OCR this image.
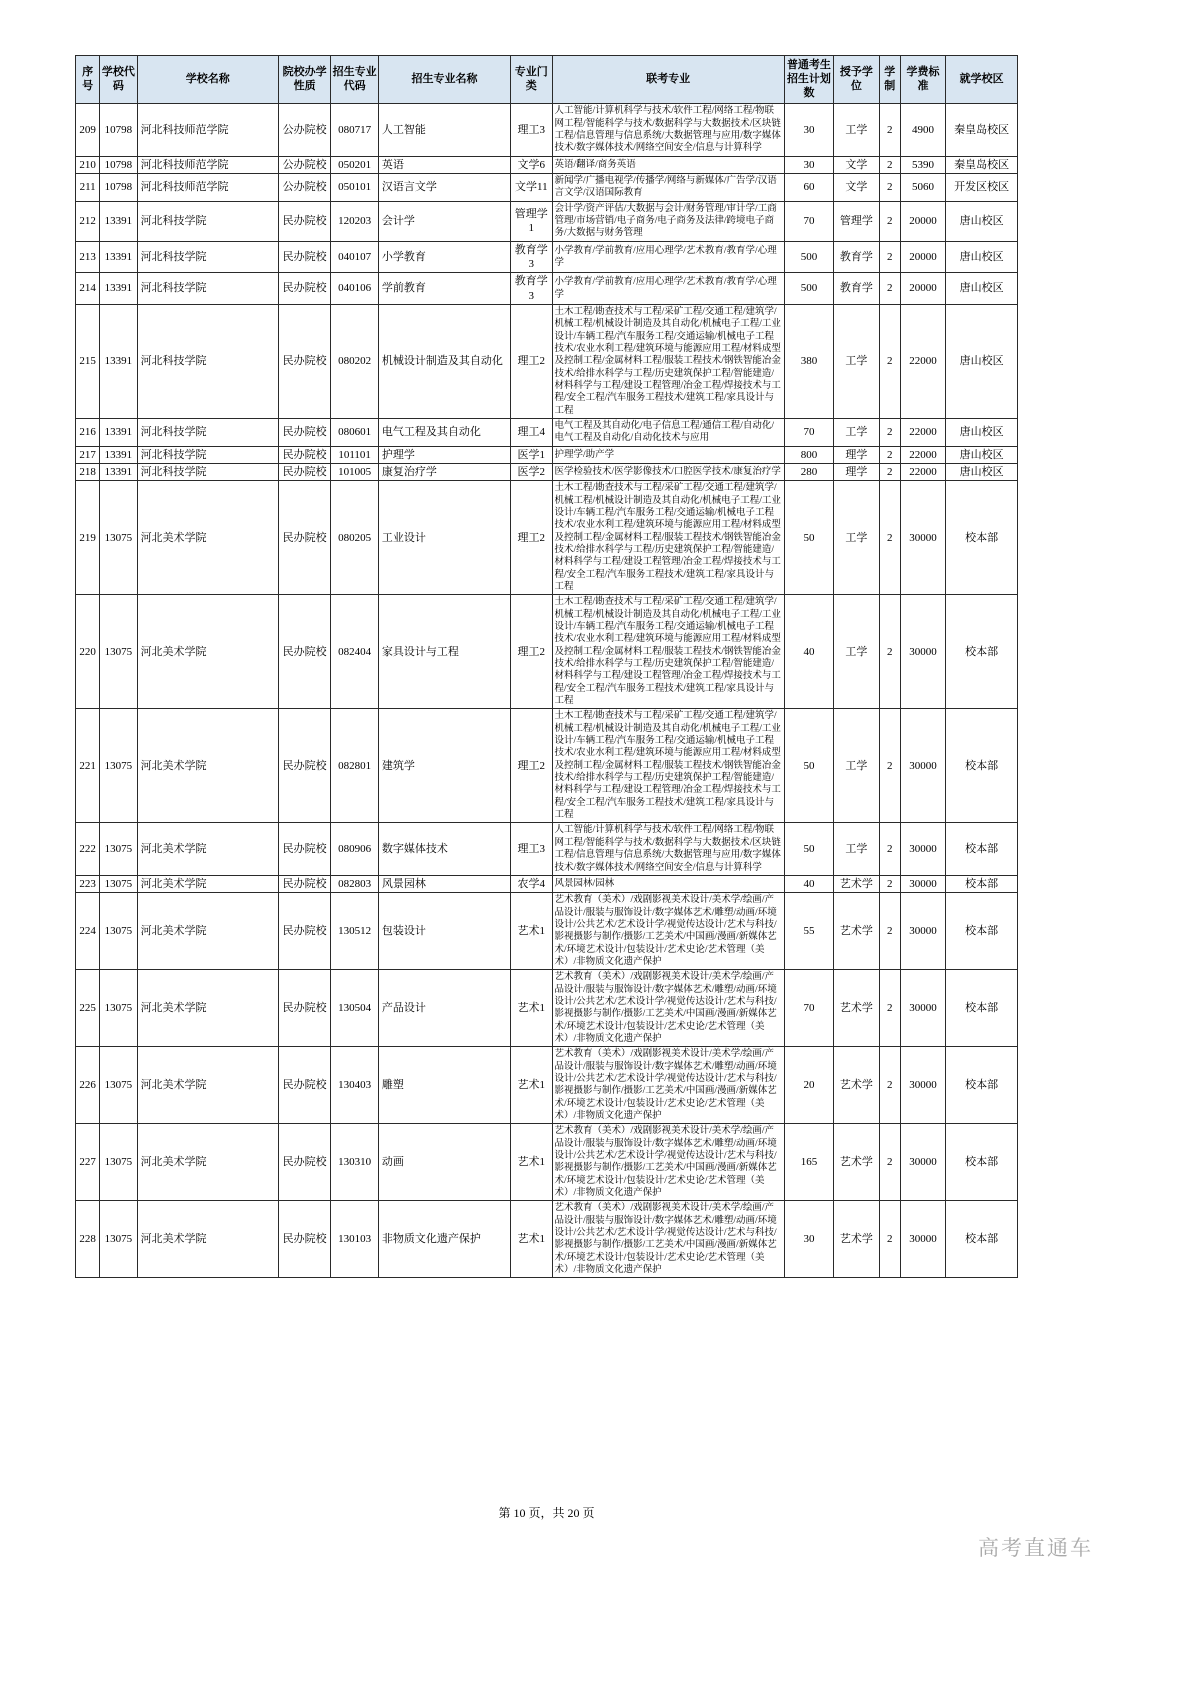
序号	学校代码	学校名称	院校办学性质	招生专业代码	招生专业名称	专业门类	联考专业	普通考生招生计划数	授予学位	学制	学费标准	就学校区
209	10798	河北科技师范学院	公办院校	080717	人工智能	理工3	人工智能/计算机科学与技术/软件工程/网络工程/物联网工程/智能科学与技术/数据科学与大数据技术/区块链工程/信息管理与信息系统/大数据管理与应用/数字媒体技术/数字媒体技术/网络空间安全/信息与计算科学	30	工学	2	4900	秦皇岛校区
210	10798	河北科技师范学院	公办院校	050201	英语	文学6	英语/翻译/商务英语	30	文学	2	5390	秦皇岛校区
211	10798	河北科技师范学院	公办院校	050101	汉语言文学	文学11	新闻学/广播电视学/传播学/网络与新媒体/广告学/汉语言文学/汉语国际教育	60	文学	2	5060	开发区校区
212	13391	河北科技学院	民办院校	120203	会计学	管理学1	会计学/资产评估/大数据与会计/财务管理/审计学/工商管理/市场营销/电子商务/电子商务及法律/跨境电子商务/大数据与财务管理	70	管理学	2	20000	唐山校区
213	13391	河北科技学院	民办院校	040107	小学教育	教育学3	小学教育/学前教育/应用心理学/艺术教育/教育学/心理学	500	教育学	2	20000	唐山校区
214	13391	河北科技学院	民办院校	040106	学前教育	教育学3	小学教育/学前教育/应用心理学/艺术教育/教育学/心理学	500	教育学	2	20000	唐山校区
215	13391	河北科技学院	民办院校	080202	机械设计制造及其自动化	理工2	土木工程/勘查技术与工程/采矿工程/交通工程/建筑学/机械工程/机械设计制造及其自动化/机械电子工程/工业设计/车辆工程/汽车服务工程/交通运输/机械电子工程技术/农业水利工程/建筑环境与能源应用工程/材料成型及控制工程/金属材料工程/服装工程技术/钢铁智能冶金技术/给排水科学与工程/历史建筑保护工程/智能建造/材料科学与工程/建设工程管理/冶金工程/焊接技术与工程/安全工程/汽车服务工程技术/建筑工程/家具设计与工程	380	工学	2	22000	唐山校区
216	13391	河北科技学院	民办院校	080601	电气工程及其自动化	理工4	电气工程及其自动化/电子信息工程/通信工程/自动化/电气工程及自动化/自动化技术与应用	70	工学	2	22000	唐山校区
217	13391	河北科技学院	民办院校	101101	护理学	医学1	护理学/助产学	800	理学	2	22000	唐山校区
218	13391	河北科技学院	民办院校	101005	康复治疗学	医学2	医学检验技术/医学影像技术/口腔医学技术/康复治疗学	280	理学	2	22000	唐山校区
219	13075	河北美术学院	民办院校	080205	工业设计	理工2	土木工程/勘查技术与工程/采矿工程/交通工程/建筑学/机械工程/机械设计制造及其自动化/机械电子工程/工业设计/车辆工程/汽车服务工程/交通运输/机械电子工程技术/农业水利工程/建筑环境与能源应用工程/材料成型及控制工程/金属材料工程/服装工程技术/钢铁智能冶金技术/给排水科学与工程/历史建筑保护工程/智能建造/材料科学与工程/建设工程管理/冶金工程/焊接技术与工程/安全工程/汽车服务工程技术/建筑工程/家具设计与工程	50	工学	2	30000	校本部
220	13075	河北美术学院	民办院校	082404	家具设计与工程	理工2	土木工程/勘查技术与工程/采矿工程/交通工程/建筑学/机械工程/机械设计制造及其自动化/机械电子工程/工业设计/车辆工程/汽车服务工程/交通运输/机械电子工程技术/农业水利工程/建筑环境与能源应用工程/材料成型及控制工程/金属材料工程/服装工程技术/钢铁智能冶金技术/给排水科学与工程/历史建筑保护工程/智能建造/材料科学与工程/建设工程管理/冶金工程/焊接技术与工程/安全工程/汽车服务工程技术/建筑工程/家具设计与工程	40	工学	2	30000	校本部
221	13075	河北美术学院	民办院校	082801	建筑学	理工2	土木工程/勘查技术与工程/采矿工程/交通工程/建筑学/机械工程/机械设计制造及其自动化/机械电子工程/工业设计/车辆工程/汽车服务工程/交通运输/机械电子工程技术/农业水利工程/建筑环境与能源应用工程/材料成型及控制工程/金属材料工程/服装工程技术/钢铁智能冶金技术/给排水科学与工程/历史建筑保护工程/智能建造/材料科学与工程/建设工程管理/冶金工程/焊接技术与工程/安全工程/汽车服务工程技术/建筑工程/家具设计与工程	50	工学	2	30000	校本部
222	13075	河北美术学院	民办院校	080906	数字媒体技术	理工3	人工智能/计算机科学与技术/软件工程/网络工程/物联网工程/智能科学与技术/数据科学与大数据技术/区块链工程/信息管理与信息系统/大数据管理与应用/数字媒体技术/数字媒体技术/网络空间安全/信息与计算科学	50	工学	2	30000	校本部
223	13075	河北美术学院	民办院校	082803	风景园林	农学4	风景园林/园林	40	艺术学	2	30000	校本部
224	13075	河北美术学院	民办院校	130512	包装设计	艺术1	艺术教育（美术）/戏剧影视美术设计/美术学/绘画/产品设计/服装与服饰设计/数字媒体艺术/雕塑/动画/环境设计/公共艺术/艺术设计学/视觉传达设计/艺术与科技/影视摄影与制作/摄影/工艺美术/中国画/漫画/新媒体艺术/环境艺术设计/包装设计/艺术史论/艺术管理（美术）/非物质文化遗产保护	55	艺术学	2	30000	校本部
225	13075	河北美术学院	民办院校	130504	产品设计	艺术1	艺术教育（美术）/戏剧影视美术设计/美术学/绘画/产品设计/服装与服饰设计/数字媒体艺术/雕塑/动画/环境设计/公共艺术/艺术设计学/视觉传达设计/艺术与科技/影视摄影与制作/摄影/工艺美术/中国画/漫画/新媒体艺术/环境艺术设计/包装设计/艺术史论/艺术管理（美术）/非物质文化遗产保护	70	艺术学	2	30000	校本部
226	13075	河北美术学院	民办院校	130403	雕塑	艺术1	艺术教育（美术）/戏剧影视美术设计/美术学/绘画/产品设计/服装与服饰设计/数字媒体艺术/雕塑/动画/环境设计/公共艺术/艺术设计学/视觉传达设计/艺术与科技/影视摄影与制作/摄影/工艺美术/中国画/漫画/新媒体艺术/环境艺术设计/包装设计/艺术史论/艺术管理（美术）/非物质文化遗产保护	20	艺术学	2	30000	校本部
227	13075	河北美术学院	民办院校	130310	动画	艺术1	艺术教育（美术）/戏剧影视美术设计/美术学/绘画/产品设计/服装与服饰设计/数字媒体艺术/雕塑/动画/环境设计/公共艺术/艺术设计学/视觉传达设计/艺术与科技/影视摄影与制作/摄影/工艺美术/中国画/漫画/新媒体艺术/环境艺术设计/包装设计/艺术史论/艺术管理（美术）/非物质文化遗产保护	165	艺术学	2	30000	校本部
228	13075	河北美术学院	民办院校	130103	非物质文化遗产保护	艺术1	艺术教育（美术）/戏剧影视美术设计/美术学/绘画/产品设计/服装与服饰设计/数字媒体艺术/雕塑/动画/环境设计/公共艺术/艺术设计学/视觉传达设计/艺术与科技/影视摄影与制作/摄影/工艺美术/中国画/漫画/新媒体艺术/环境艺术设计/包装设计/艺术史论/艺术管理（美术）/非物质文化遗产保护	30	艺术学	2	30000	校本部
第 10 页，共 20 页
高考直通车
